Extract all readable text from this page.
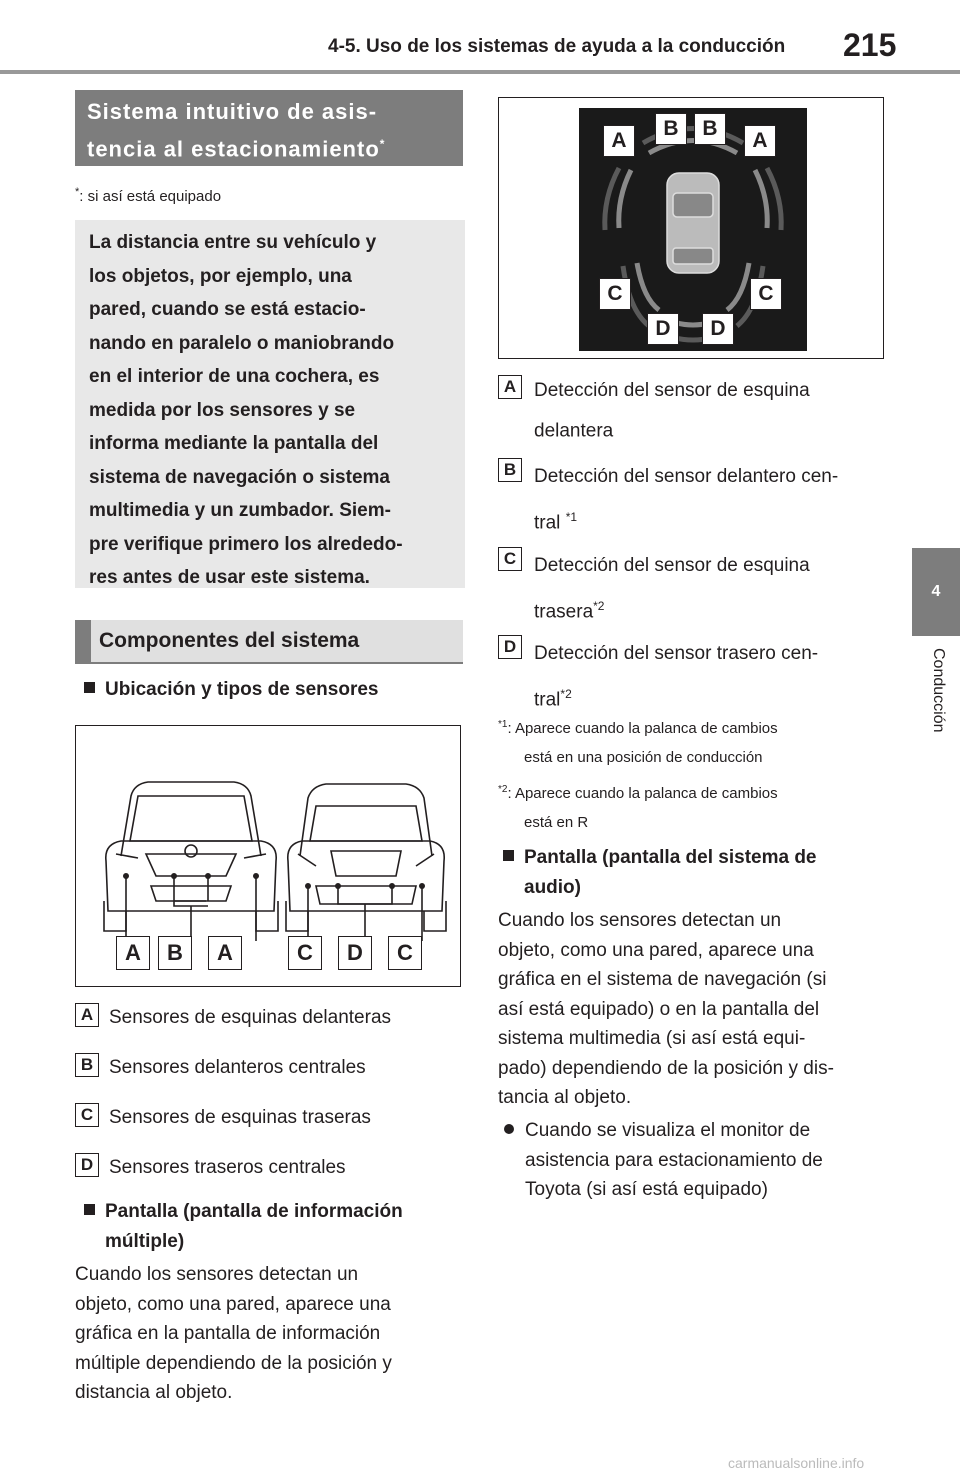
4-5. Uso de los sistemas de ayuda a la conducción 215
4
Conducción
Sistema intuitivo de asis-
tencia al estacionamiento*
*: si así está equipado
La distancia entre su vehículo y
los objetos, por ejemplo, una
pared, cuando se está estacio-
nando en paralelo o maniobrando
en el interior de una cochera, es
medida por los sensores y se
informa mediante la pantalla del
sistema de navegación o sistema
multimedia y un zumbador. Siem-
pre verifique primero los alrededo-
res antes de usar este sistema.
Componentes del sistema
Ubicación y tipos de sensores
A	B	A	C	D	C
A Sensores de esquinas delanteras
B Sensores delanteros centrales
C Sensores de esquinas traseras
D Sensores traseros centrales
Pantalla (pantalla de información
múltiple)
Cuando los sensores detectan un
objeto, como una pared, aparece una
gráfica en la pantalla de información
múltiple dependiendo de la posición y
distancia al objeto.
A
B	B
A
C	C
D	D
A Detección del sensor de esquina
delantera
B Detección del sensor delantero cen-
tral $^{*1}$
C Detección del sensor de esquina
trasera$^{*2}$
D Detección del sensor trasero cen-
tral$^{*2}$
$^{*1}$: Aparece cuando la palanca de cambios
está en una posición de conducción
$^{*2}$: Aparece cuando la palanca de cambios
está en R
Pantalla (pantalla del sistema de
audio)
Cuando los sensores detectan un
objeto, como una pared, aparece una
gráfica en el sistema de navegación (si
así está equipado) o en la pantalla del
sistema multimedia (si así está equi-
pado) dependiendo de la posición y dis-
tancia al objeto.
Cuando se visualiza el monitor de
asistencia para estacionamiento de
Toyota (si así está equipado)
carmanualsonline.info
